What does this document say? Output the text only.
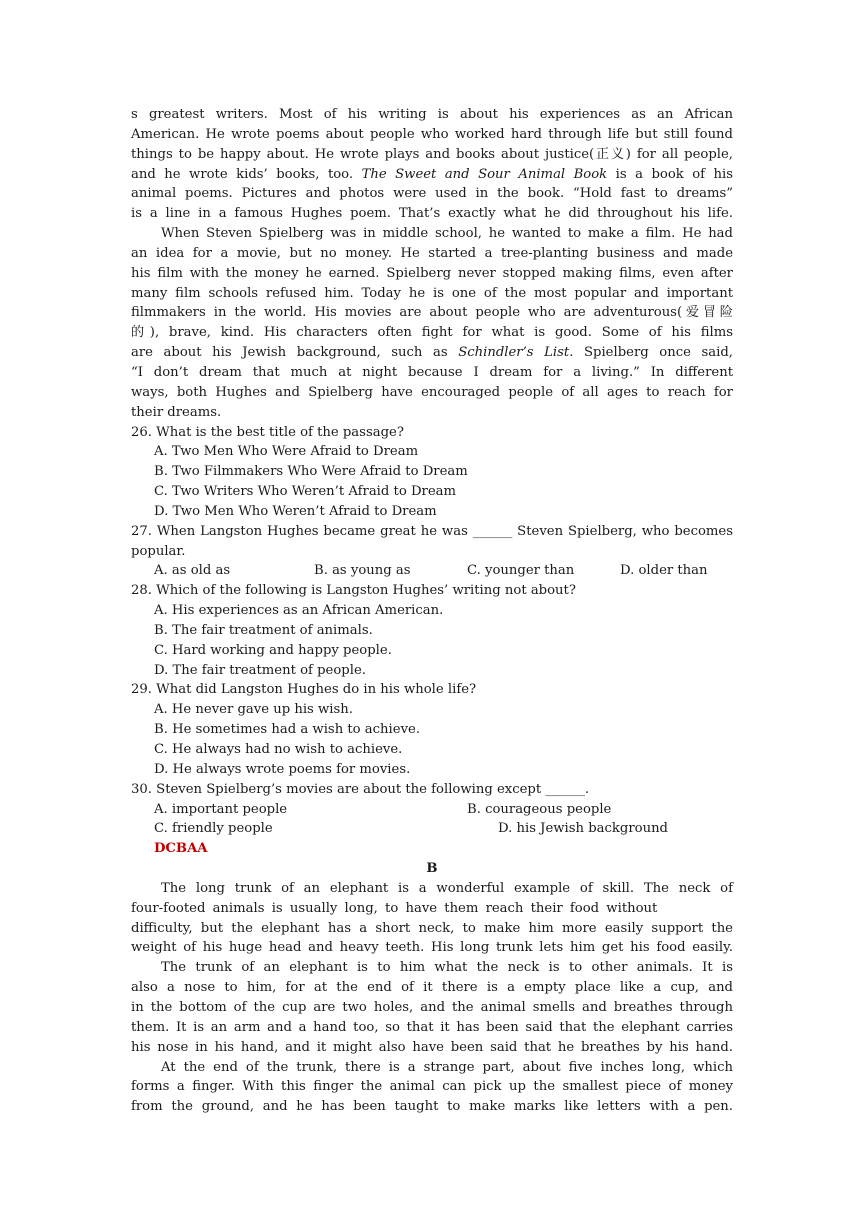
s greatest writers. Most of his writing is about his experiences as an African
American. He wrote poems about people who worked hard through life but still found
things to be happy about. He wrote plays and books about justice(正义) for all people,
and he wrote kids’ books, too. The Sweet and Sour Animal Book is a book of his
animal poems. Pictures and photos were used in the book. “Hold fast to dreams”
is a line in a famous Hughes poem. That’s exactly what he did throughout his life.
When Steven Spielberg was in middle school, he wanted to make a film. He had
an idea for a movie, but no money. He started a tree-planting business and made
his film with the money he earned. Spielberg never stopped making films, even after
many film schools refused him. Today he is one of the most popular and important
filmmakers in the world. His movies are about people who are adventurous(爱冒险
的), brave, kind. His characters often fight for what is good. Some of his films
are about his Jewish background, such as Schindler’s List. Spielberg once said,
“I don’t dream that much at night because I dream for a living.” In different
ways, both Hughes and Spielberg have encouraged people of all ages to reach for
their dreams.
26. What is the best title of the passage?
A. Two Men Who Were Afraid to Dream
B. Two Filmmakers Who Were Afraid to Dream
C. Two Writers Who Weren’t Afraid to Dream
D. Two Men Who Weren’t Afraid to Dream
27. When Langston Hughes became great he was ______ Steven Spielberg, who becomes
popular.
A. as old as	B. as young as	C. younger than	D. older than
28. Which of the following is Langston Hughes’ writing not about?
A. His experiences as an African American.
B. The fair treatment of animals.
C. Hard working and happy people.
D. The fair treatment of people.
29. What did Langston Hughes do in his whole life?
A. He never gave up his wish.
B. He sometimes had a wish to achieve.
C. He always had no wish to achieve.
D. He always wrote poems for movies.
30. Steven Spielberg’s movies are about the following except ______.
A. important people	B. courageous people
C. friendly people	D. his Jewish background
DCBAA
B
The long trunk of an elephant is a wonderful example of skill. The neck of
four-footed animals is usually long, to have them reach their food without
difficulty, but the elephant has a short neck, to make him more easily support the
weight of his huge head and heavy teeth. His long trunk lets him get his food easily.
The trunk of an elephant is to him what the neck is to other animals. It is
also a nose to him, for at the end of it there is a empty place like a cup, and
in the bottom of the cup are two holes, and the animal smells and breathes through
them. It is an arm and a hand too, so that it has been said that the elephant carries
his nose in his hand, and it might also have been said that he breathes by his hand.
At the end of the trunk, there is a strange part, about five inches long, which
forms a finger. With this finger the animal can pick up the smallest piece of money
from the ground, and he has been taught to make marks like letters with a pen.
